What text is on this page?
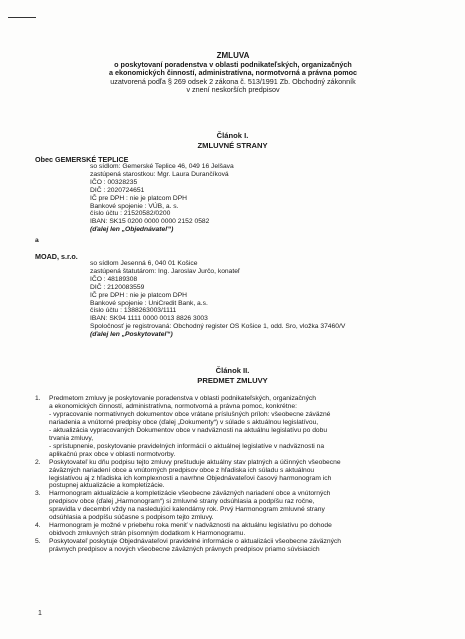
ZMLUVA
o poskytovaní poradenstva v oblasti podnikateľských, organizačných
a ekonomických činností, administratívna, normotvorná a právna pomoc
uzatvorená podľa § 269 odsek 2 zákona č. 513/1991 Zb. Obchodný zákonník
v znení neskorších predpisov
Článok I.
ZMLUVNÉ STRANY
Obec GEMERSKÉ TEPLICE
so sídlom: Gemerské Teplice 46, 049 16 Jelšava
zastúpená starostkou: Mgr. Laura Durančíková
IČO : 00328235
DIČ : 2020724651
IČ pre DPH : nie je platcom DPH
Bankové spojenie : VÚB, a. s.
číslo účtu : 21520582/0200
IBAN: SK15 0200 0000 0000 2152 0582
(ďalej len „Objednávateľ“)
a
MOAD, s.r.o.
so sídlom Jesenná 6, 040 01 Košice
zastúpená štatutárom: Ing. Jaroslav Jurčo, konateľ
IČO : 48189308
DIČ : 2120083559
IČ pre DPH : nie je platcom DPH
Bankové spojenie : UniCredit Bank, a.s.
číslo účtu : 1388263003/1111
IBAN: SK94 1111 0000 0013 8826 3003
Spoločnosť je registrovaná: Obchodný register OS Košice 1, odd. Sro, vložka 37460/V
(ďalej len „Poskytovateľ“)
Článok II.
PREDMET ZMLUVY
1.	Predmetom zmluvy je poskytovanie poradenstva v oblasti podnikateľských, organizačných
a ekonomických činností, administratívna, normotvorná a právna pomoc, konkrétne:
- vypracovanie normatívnych dokumentov obce vrátane príslušných príloh: všeobecne záväzné
nariadenia a vnútorné predpisy obce (ďalej „Dokumenty“) v súlade s aktuálnou legislatívou,
- aktualizácia vypracovaných Dokumentov obce v nadväznosti na aktuálnu legislatívu po dobu
trvania zmluvy,
- sprístupnenie, poskytovanie pravidelných informácií o aktuálnej legislatíve v nadväznosti na
aplikačnú prax obce v oblasti normotvorby.
2.	Poskytovateľ ku dňu podpisu tejto zmluvy preštuduje aktuálny stav platných a účinných všeobecne
záväzných nariadení obce a vnútorných predpisov obce z hľadiska ich súladu s aktuálnou
legislatívou aj z hľadiska ich komplexnosti a navrhne Objednávateľovi časový harmonogram ich
postupnej aktualizácie a kompletizácie.
3.	Harmonogram aktualizácie a kompletizácie všeobecne záväzných nariadení obce a vnútorných
predpisov obce (ďalej „Harmonogram“) si zmluvné strany odsúhlasia a podpíšu raz ročne,
spravidla v decembri vždy na nasledujúci kalendárny rok. Prvý Harmonogram zmluvné strany
odsúhlasia a podpíšu súčasne s podpisom tejto zmluvy.
4.	Harmonogram je možné v priebehu roka meniť v nadväznosti na aktuálnu legislatívu po dohode
obidvoch zmluvných strán písomným dodatkom k Harmonogramu.
5.	Poskytovateľ poskytuje Objednávateľovi pravidelné informácie o aktualizácii všeobecne záväzných
právnych predpisov a nových všeobecne záväzných právnych predpisov priamo súvisiacich
1
